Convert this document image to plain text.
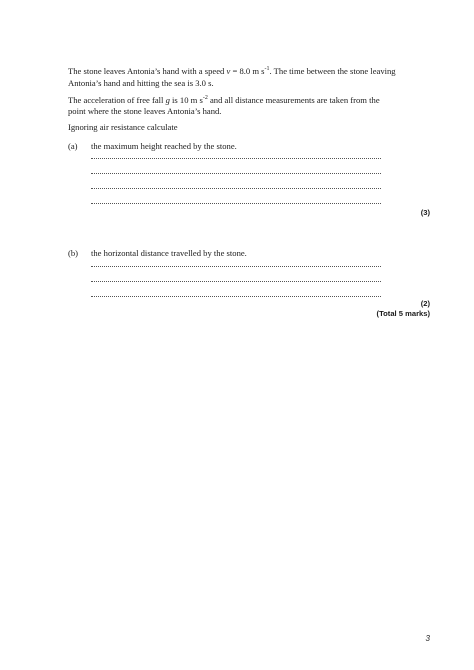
The stone leaves Antonia’s hand with a speed v = 8.0 m $s^{-1}$. The time between the stone leaving
Antonia’s hand and hitting the sea is 3.0 s.
The acceleration of free fall g is 10 m $s^{-2}$ and all distance measurements are taken from the
point where the stone leaves Antonia’s hand.
Ignoring air resistance calculate
(a) the maximum height reached by the stone.
(3)
(b) the horizontal distance travelled by the stone.
(2)
(Total 5 marks)
3
